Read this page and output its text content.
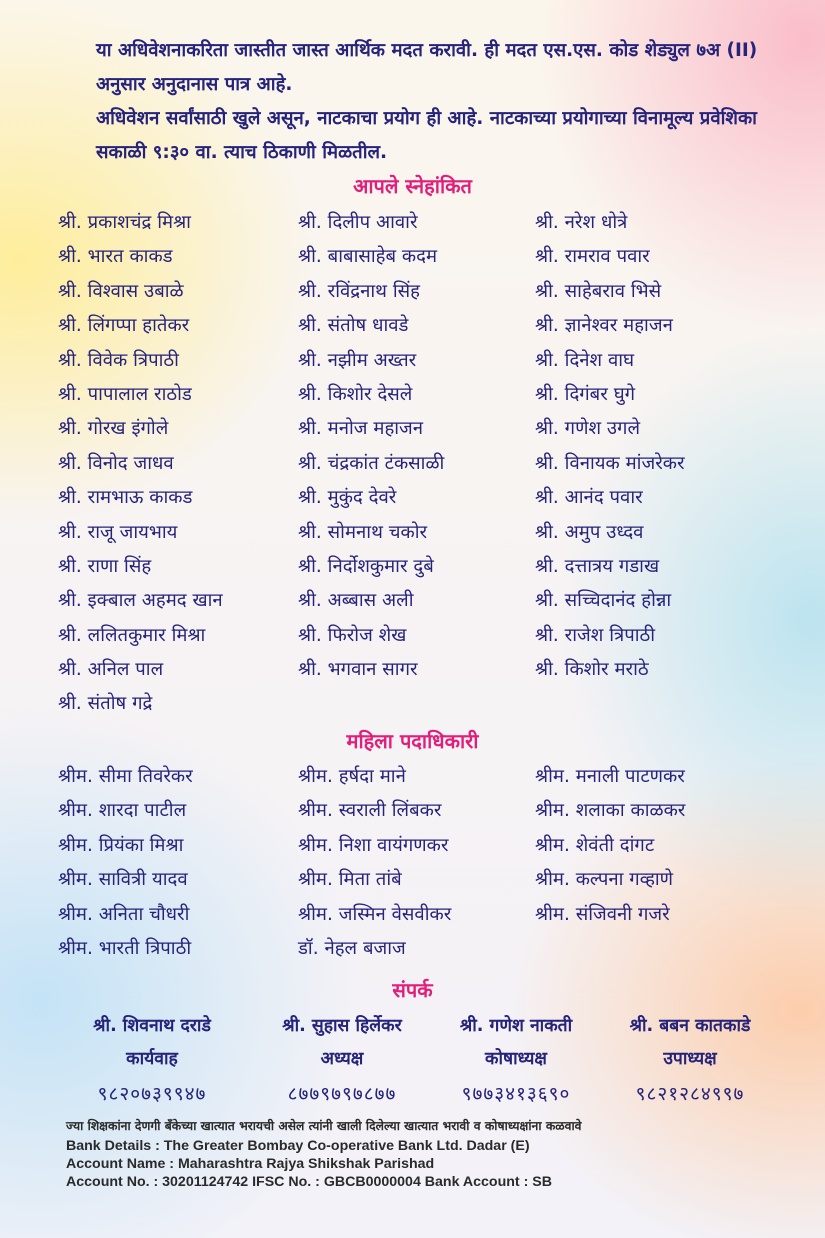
या अधिवेशनाकरिता जास्तीत जास्त आर्थिक मदत करावी. ही मदत एस.एस. कोड शेड्युल ७अ (II) अनुसार अनुदानास पात्र आहे.

अधिवेशन सर्वांसाठी खुले असून, नाटकाचा प्रयोग ही आहे. नाटकाच्या प्रयोगाच्या विनामूल्य प्रवेशिका सकाळी ९:३० वा. त्याच ठिकाणी मिळतील.

आपले स्नेहांकित
श्री. प्रकाशचंद्र मिश्रा
श्री. भारत काकड
श्री. विश्वास उबाळे
श्री. लिंगप्पा हातेकर
श्री. विवेक त्रिपाठी
श्री. पापालाल राठोड
श्री. गोरख इंगोले
श्री. विनोद जाधव
श्री. रामभाऊ काकड
श्री. राजू जायभाय
श्री. राणा सिंह
श्री. इक्बाल अहमद खान
श्री. ललितकुमार मिश्रा
श्री. अनिल पाल
श्री. संतोष गद्रे
श्री. दिलीप आवारे
श्री. बाबासाहेब कदम
श्री. रविंद्रनाथ सिंह
श्री. संतोष धावडे
श्री. नझीम अख्तर
श्री. किशोर देसले
श्री. मनोज महाजन
श्री. चंद्रकांत टंकसाळी
श्री. मुकुंद देवरे
श्री. सोमनाथ चकोर
श्री. निर्दोशकुमार दुबे
श्री. अब्बास अली
श्री. फिरोज शेख
श्री. भगवान सागर
श्री. नरेश धोत्रे
श्री. रामराव पवार
श्री. साहेबराव भिसे
श्री. ज्ञानेश्वर महाजन
श्री. दिनेश वाघ
श्री. दिगंबर घुगे
श्री. गणेश उगले
श्री. विनायक मांजरेकर
श्री. आनंद पवार
श्री. अमुप उध्दव
श्री. दत्तात्रय गडाख
श्री. सच्चिदानंद होन्ना
श्री. राजेश त्रिपाठी
श्री. किशोर मराठे
महिला पदाधिकारी
श्रीम. सीमा तिवरेकर
श्रीम. शारदा पाटील
श्रीम. प्रियंका मिश्रा
श्रीम. सावित्री यादव
श्रीम. अनिता चौधरी
श्रीम. भारती त्रिपाठी
श्रीम. हर्षदा माने
श्रीम. स्वराली लिंबकर
श्रीम. निशा वायंगणकर
श्रीम. मिता तांबे
श्रीम. जस्मिन वेसवीकर
डॉ. नेहल बजाज
श्रीम. मनाली पाटणकर
श्रीम. शलाका काळकर
श्रीम. शेवंती दांगट
श्रीम. कल्पना गव्हाणे
श्रीम. संजिवनी गजरे
संपर्क
श्री. शिवनाथ दराडे
कार्यवाह
९८२०७३९९४७
श्री. सुहास हिर्लेकर
अध्यक्ष
८७७९७९७८७७
श्री. गणेश नाकती
कोषाध्यक्ष
९७७३४१३६९०
श्री. बबन कातकाडे
उपाध्यक्ष
९८२१२८४९९७
ज्या शिक्षकांना देणगी बँकेच्या खात्यात भरायची असेल त्यांनी खाली दिलेल्या खात्यात भरावी व कोषाध्यक्षांना कळवावे
Bank Details : The Greater Bombay Co-operative Bank Ltd. Dadar (E)
Account Name : Maharashtra Rajya Shikshak Parishad
Account No. : 30201124742 IFSC No. : GBCB0000004 Bank Account : SB
